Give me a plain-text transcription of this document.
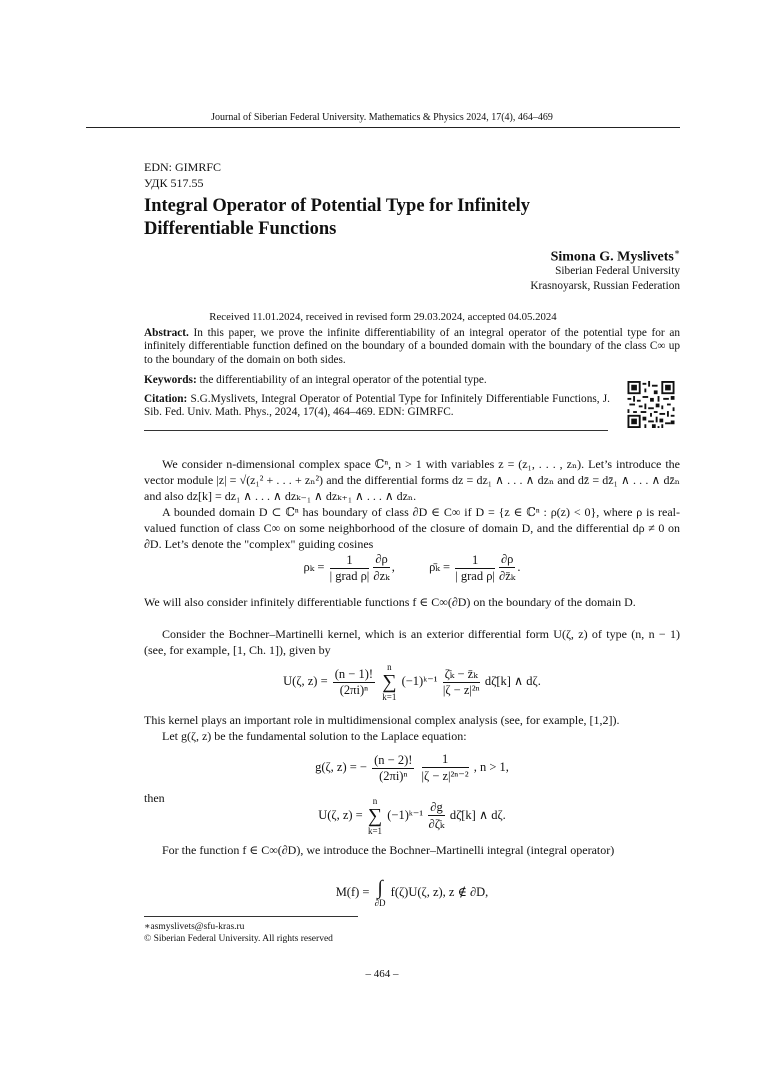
Journal of Siberian Federal University. Mathematics & Physics 2024, 17(4), 464–469
EDN: GIMRFC
УДК 517.55
Integral Operator of Potential Type for Infinitely
Differentiable Functions
Simona G. Myslivets∗
Siberian Federal University
Krasnoyarsk, Russian Federation
Received 11.01.2024, received in revised form 29.03.2024, accepted 04.05.2024
Abstract. In this paper, we prove the infinite differentiability of an integral operator of the potential type for an infinitely differentiable function defined on the boundary of a bounded domain with the boundary of the class C∞ up to the boundary of the domain on both sides.
Keywords: the differentiability of an integral operator of the potential type.
Citation: S.G.Myslivets, Integral Operator of Potential Type for Infinitely Differentiable Functions, J. Sib. Fed. Univ. Math. Phys., 2024, 17(4), 464–469. EDN: GIMRFC.
We consider n-dimensional complex space ℂⁿ, n > 1 with variables z = (z₁, . . . , zₙ). Let’s introduce the vector module |z| = √(z₁² + . . . + zₙ²) and the differential forms dz = dz₁ ∧ . . . ∧ dzₙ and dz̄ = dz̄₁ ∧ . . . ∧ dz̄ₙ and also dz[k] = dz₁ ∧ . . . ∧ dzₖ₋₁ ∧ dzₖ₊₁ ∧ . . . ∧ dzₙ.
A bounded domain D ⊂ ℂⁿ has boundary of class ∂D ∈ C∞ if D = {z ∈ ℂⁿ : ρ(z) < 0}, where ρ is real-valued function of class C∞ on some neighborhood of the closure of domain D, and the differential dρ ≠ 0 on ∂D. Let’s denote the "complex" guiding cosines
$\rho_k = \frac{1}{\text{| grad ρ|}} \frac{\partial\rho}{\text{∂zₖ}}$ ,	ρ̄ₖ = $\frac{1}{\text{| grad ρ|}} \frac{\partial\rho}{\text{∂z̄ₖ}}$ .
We will also consider infinitely differentiable functions f ∈ C∞(∂D) on the boundary of the domain D.
Consider the Bochner–Martinelli kernel, which is an exterior differential form U(ζ, z) of type (n, n − 1) (see, for example, [1, Ch. 1]), given by
U(ζ, $z) = \frac{(n - 1)!}{\text{(2πi)ⁿ}}$ n
∑
k=1 (−1)ᵏ⁻¹ $\frac{\text{ζ̄ₖ − z̄ₖ}}{\text{|ζ − z|²ⁿ}}$ dζ̄[k] ∧ dζ.
This kernel plays an important role in multidimensional complex analysis (see, for example, [1,2]).
Let g(ζ, z) be the fundamental solution to the Laplace equation:
g(ζ, z) = − $\frac{(n - 2)!}{\text{(2πi)ⁿ}}$
$\frac{1}{\text{|ζ − z|²ⁿ⁻²}}$ , n > 1,
then
U(ζ, z) = n
∑
k=1 (−1)ᵏ⁻¹ $\frac{\partial g}{\text{∂ζ̄ₖ}}$ dζ̄[k] ∧ dζ.
For the function f ∈ C∞(∂D), we introduce the Bochner–Martinelli integral (integral operator)
M(f) = ∫
∂D f(ζ)U(ζ, z), z ∉ ∂D,
∗asmyslivets@sfu-kras.ru
© Siberian Federal University. All rights reserved
– 464 –
